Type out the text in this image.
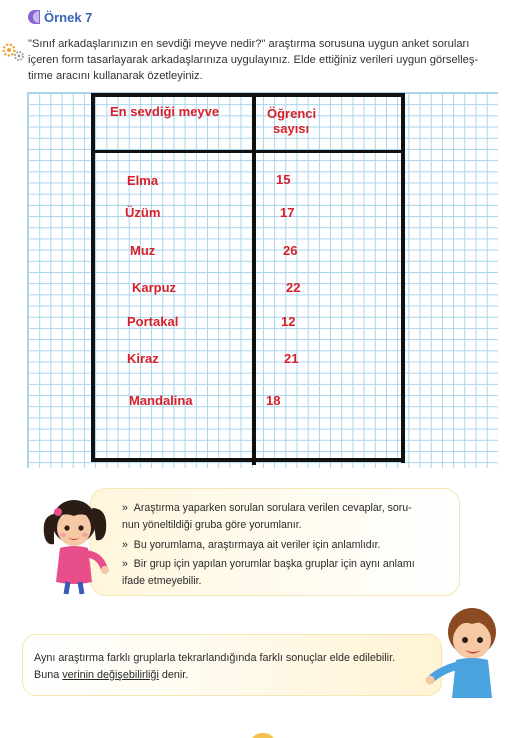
Örnek 7
"Sınıf arkadaşlarınızın en sevdiği meyve nedir?" araştırma sorusuna uygun anket soruları
içeren form tasarlayarak arkadaşlarınıza uygulayınız. Elde ettiğiniz verileri uygun görselleş-
tirme aracını kullanarak özetleyiniz.
En sevdiği meyve	Öğrenci
sayısı
Elma	15
Üzüm	17
Muz	26
Karpuz	22
Portakal	12
Kiraz	21
Mandalina	18
» Araştırma yaparken sorulan sorulara verilen cevaplar, soru-
nun yöneltildiği gruba göre yorumlanır.
» Bu yorumlama, araştırmaya ait veriler için anlamlıdır.
» Bir grup için yapılan yorumlar başka gruplar için aynı anlamı
ifade etmeyebilir.
Aynı araştırma farklı gruplarla tekrarlandığında farklı sonuçlar elde edilebilir.
Buna verinin değişebilirliği denir.
